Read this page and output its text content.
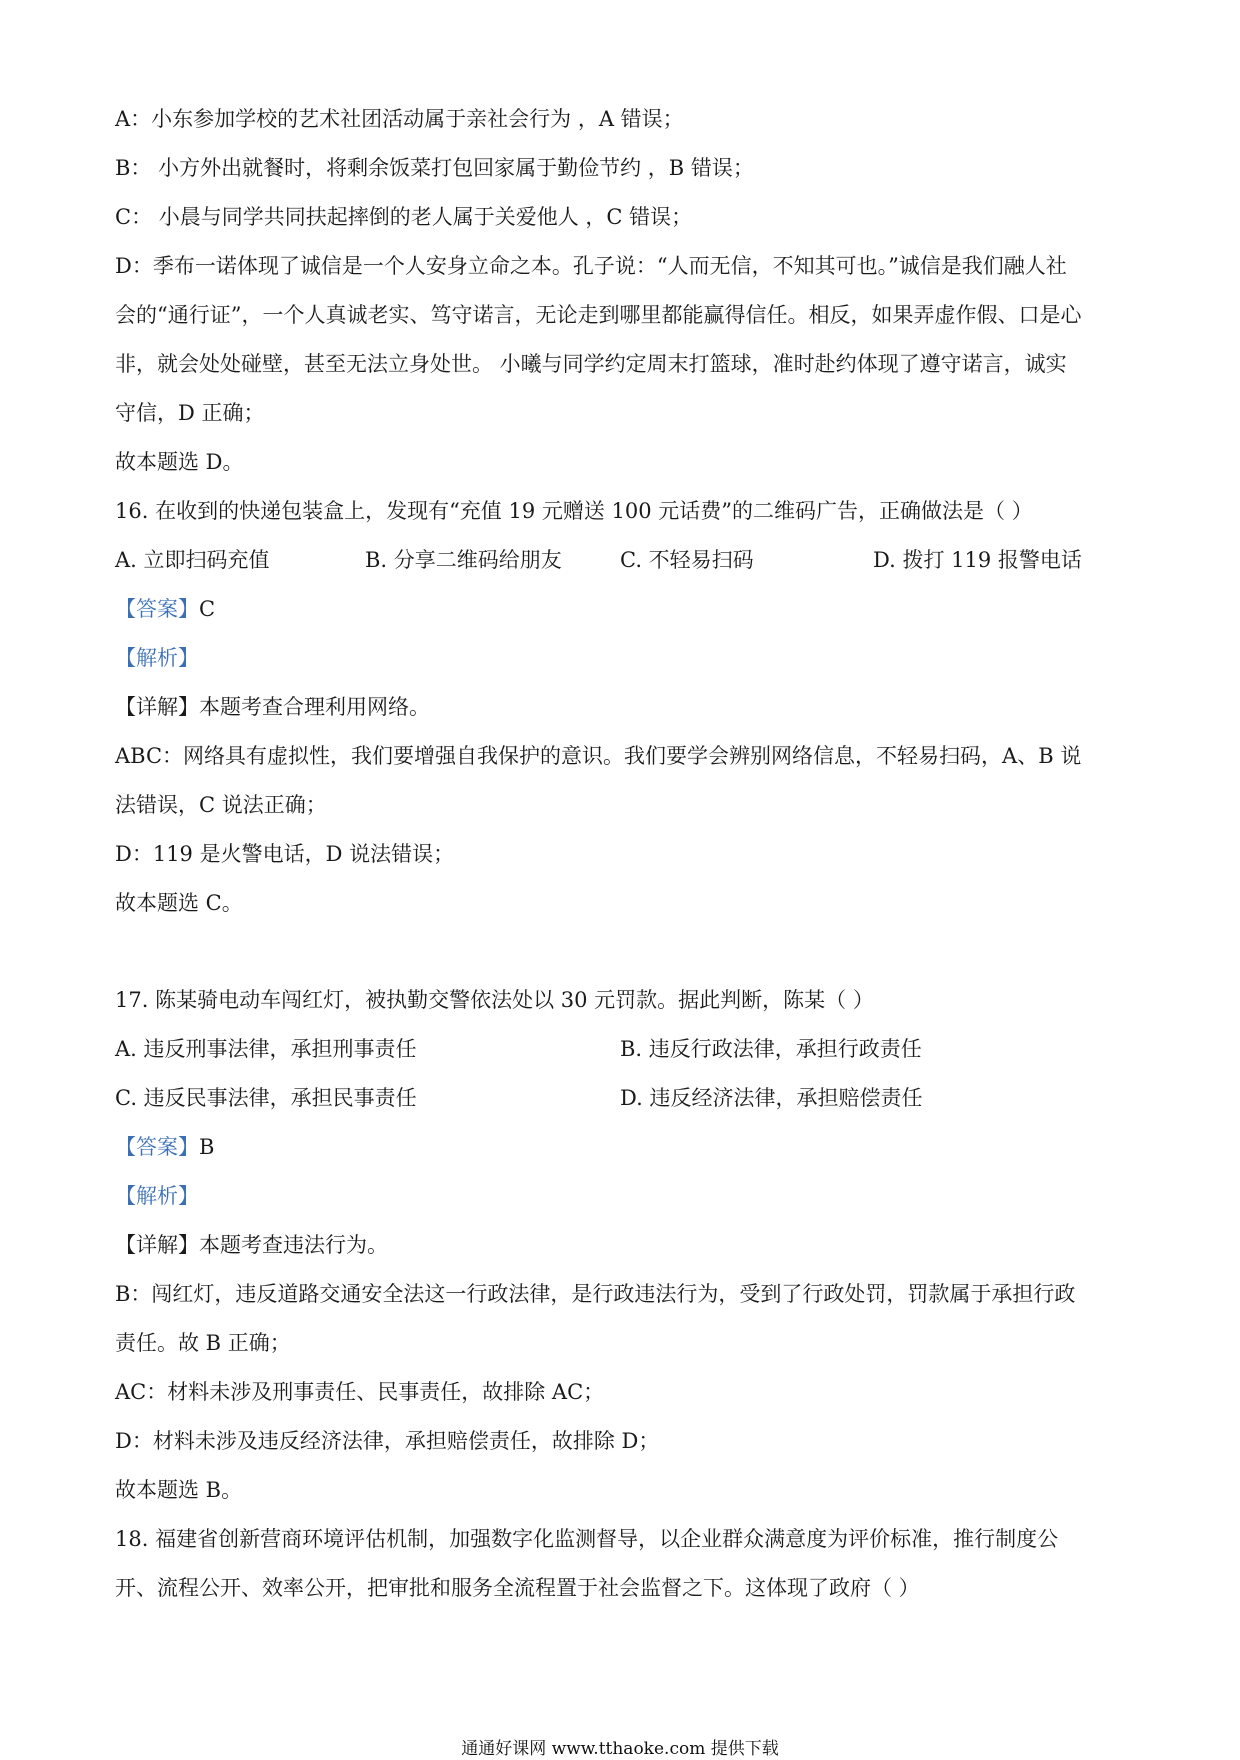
A：小东参加学校的艺术社团活动属于亲社会行为 ，A 错误；
B： 小方外出就餐时，将剩余饭菜打包回家属于勤俭节约 ，B 错误；
C： 小晨与同学共同扶起摔倒的老人属于关爱他人 ，C 错误；
D：季布一诺体现了诚信是一个人安身立命之本。孔子说：“人而无信，不知其可也。”诚信是我们融人社
会的“通行证”，一个人真诚老实、笃守诺言，无论走到哪里都能赢得信任。相反，如果弄虚作假、口是心
非，就会处处碰壁，甚至无法立身处世。 小曦与同学约定周末打篮球，准时赴约体现了遵守诺言，诚实
守信，D 正确；
故本题选 D。
16. 在收到的快递包装盒上，发现有“充值 19 元赠送 100 元话费”的二维码广告，正确做法是（ ）
A. 立即扫码充值	B. 分享二维码给朋友	C. 不轻易扫码	D. 拨打 119 报警电话
【答案】C
【解析】
【详解】本题考查合理利用网络。
ABC：网络具有虚拟性，我们要增强自我保护的意识。我们要学会辨别网络信息，不轻易扫码，A、B 说
法错误，C 说法正确；
D：119 是火警电话，D 说法错误；
故本题选 C。
17. 陈某骑电动车闯红灯，被执勤交警依法处以 30 元罚款。据此判断，陈某（ ）
A. 违反刑事法律，承担刑事责任	B. 违反行政法律，承担行政责任
C. 违反民事法律，承担民事责任	D. 违反经济法律，承担赔偿责任
【答案】B
【解析】
【详解】本题考查违法行为。
B：闯红灯，违反道路交通安全法这一行政法律，是行政违法行为，受到了行政处罚，罚款属于承担行政
责任。故 B 正确；
AC：材料未涉及刑事责任、民事责任，故排除 AC；
D：材料未涉及违反经济法律，承担赔偿责任，故排除 D；
故本题选 B。
18. 福建省创新营商环境评估机制，加强数字化监测督导，以企业群众满意度为评价标准，推行制度公
开、流程公开、效率公开，把审批和服务全流程置于社会监督之下。这体现了政府（ ）
通通好课网 www.tthaoke.com 提供下载
